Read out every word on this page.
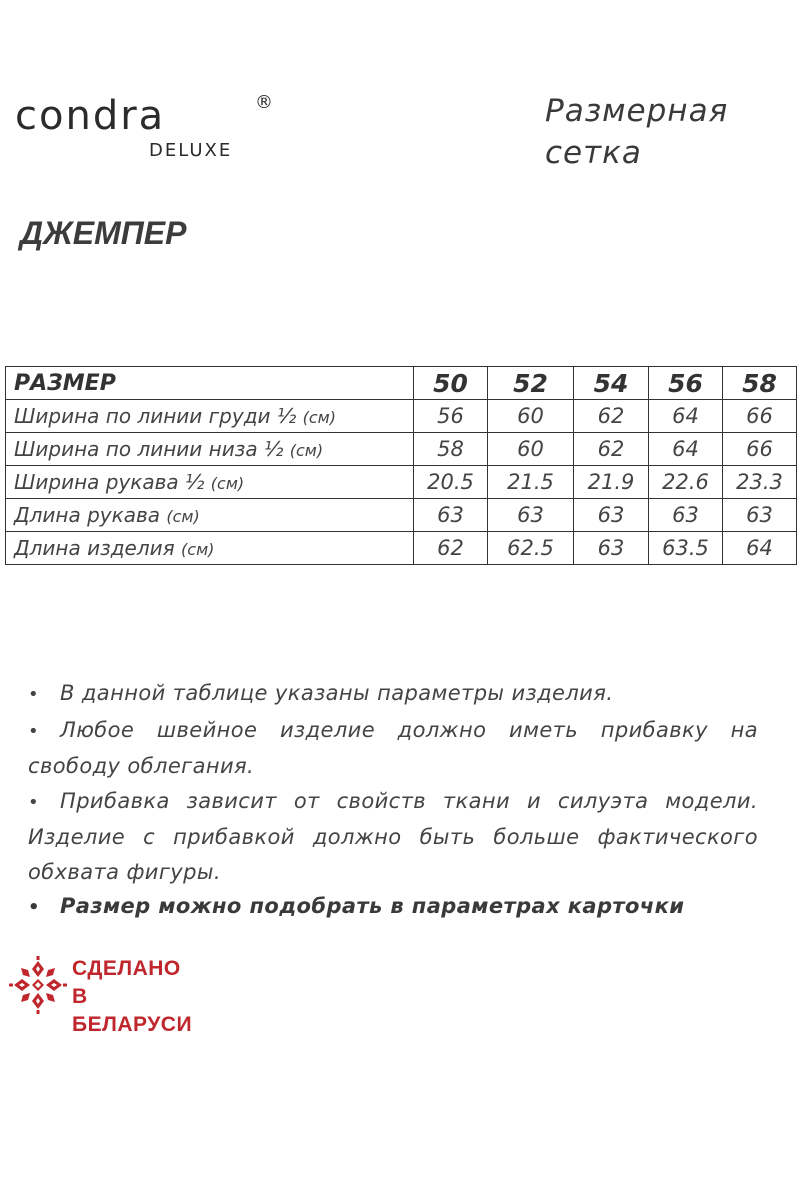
condra	®
DELUXE
Размерная
сетка
ДЖЕМПЕР
РАЗМЕР	50	52	54	56	58
Ширина по линии груди ½ (см)	56	60	62	64	66
Ширина по линии низа ½ (см)	58	60	62	64	66
Ширина рукава ½ (см)	20.5	21.5	21.9	22.6	23.3
Длина рукава (см)	63	63	63	63	63
Длина изделия (см)	62	62.5	63	63.5	64
• В данной таблице указаны параметры изделия.
• Любое швейное изделие должно иметь прибавку на свободу облегания.
• Прибавка зависит от свойств ткани и силуэта модели. Изделие с прибавкой должно быть больше фактического обхвата фигуры.
• Размер можно подобрать в параметрах карточки
СДЕЛАНО
В БЕЛАРУСИ
